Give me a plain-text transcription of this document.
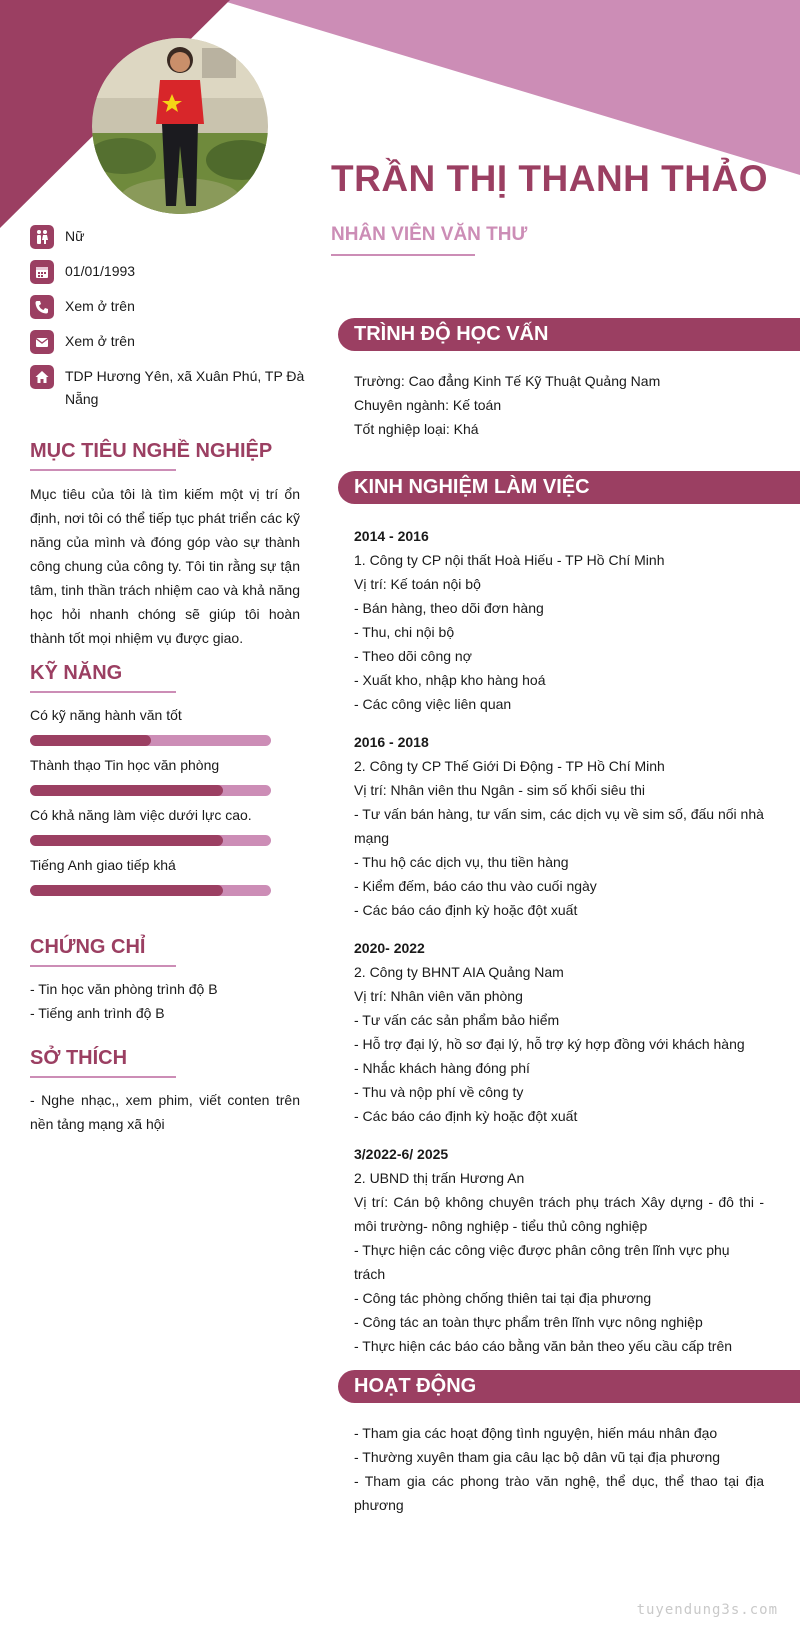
TRẦN THỊ THANH THẢO
NHÂN VIÊN VĂN THƯ
Nữ
01/01/1993
Xem ở trên
Xem ở trên
TDP Hương Yên, xã Xuân Phú, TP Đà Nẵng
MỤC TIÊU NGHỀ NGHIỆP
Mục tiêu của tôi là tìm kiếm một vị trí ổn định, nơi tôi có thể tiếp tục phát triển các kỹ năng của mình và đóng góp vào sự thành công chung của công ty. Tôi tin rằng sự tận tâm, tinh thần trách nhiệm cao và khả năng học hỏi nhanh chóng sẽ giúp tôi hoàn thành tốt mọi nhiệm vụ được giao.
KỸ NĂNG
Có kỹ năng hành văn tốt
Thành thạo Tin học văn phòng
Có khả năng làm việc dưới lực cao.
Tiếng Anh giao tiếp khá
CHỨNG CHỈ
- Tin học văn phòng trình độ B
- Tiếng anh trình độ B
SỞ THÍCH
- Nghe nhạc,, xem phim, viết conten trên nền tảng mạng xã hội
TRÌNH ĐỘ HỌC VẤN
Trường: Cao đẳng Kinh Tế Kỹ Thuật Quảng Nam
Chuyên ngành: Kế toán
Tốt nghiệp loại: Khá
KINH NGHIỆM LÀM VIỆC
2014 - 2016
1. Công ty CP nội thất Hoà Hiếu - TP Hồ Chí Minh
Vị trí: Kế toán nội bộ
- Bán hàng, theo dõi đơn hàng
- Thu, chi nội bộ
- Theo dõi công nợ
- Xuất kho, nhập kho hàng hoá
- Các công việc liên quan
2016 - 2018
2. Công ty CP Thế Giới Di Động - TP Hồ Chí Minh
Vị trí: Nhân viên thu Ngân - sim số khối siêu thi
- Tư vấn bán hàng, tư vấn sim, các dịch vụ về sim số, đấu nối nhà mạng
- Thu hộ các dịch vụ, thu tiền hàng
- Kiểm đếm, báo cáo thu vào cuối ngày
- Các báo cáo định kỳ hoặc đột xuất
2020- 2022
2. Công ty BHNT AIA Quảng Nam
Vị trí: Nhân viên văn phòng
- Tư vấn các sản phẩm bảo hiểm
- Hỗ trợ đại lý, hồ sơ đại lý, hỗ trợ ký hợp đồng với khách hàng
- Nhắc khách hàng đóng phí
- Thu và nộp phí về công ty
- Các báo cáo định kỳ hoặc đột xuất
3/2022-6/ 2025
2. UBND thị trấn Hương An
Vị trí: Cán bộ không chuyên trách phụ trách Xây dựng - đô thi - môi trường- nông nghiệp - tiểu thủ công nghiệp
- Thực hiện các công việc được phân công trên lĩnh vực phụ trách
- Công tác phòng chống thiên tai tại địa phương
- Công tác an toàn thực phẩm trên lĩnh vực nông nghiệp
- Thực hiện các báo cáo bằng văn bản theo yếu cầu cấp trên
HOẠT ĐỘNG
- Tham gia các hoạt động tình nguyện, hiến máu nhân đạo
- Thường xuyên tham gia câu lạc bộ dân vũ tại địa phương
- Tham gia các phong trào văn nghệ, thể dục, thể thao tại địa phương
tuyendung3s.com
